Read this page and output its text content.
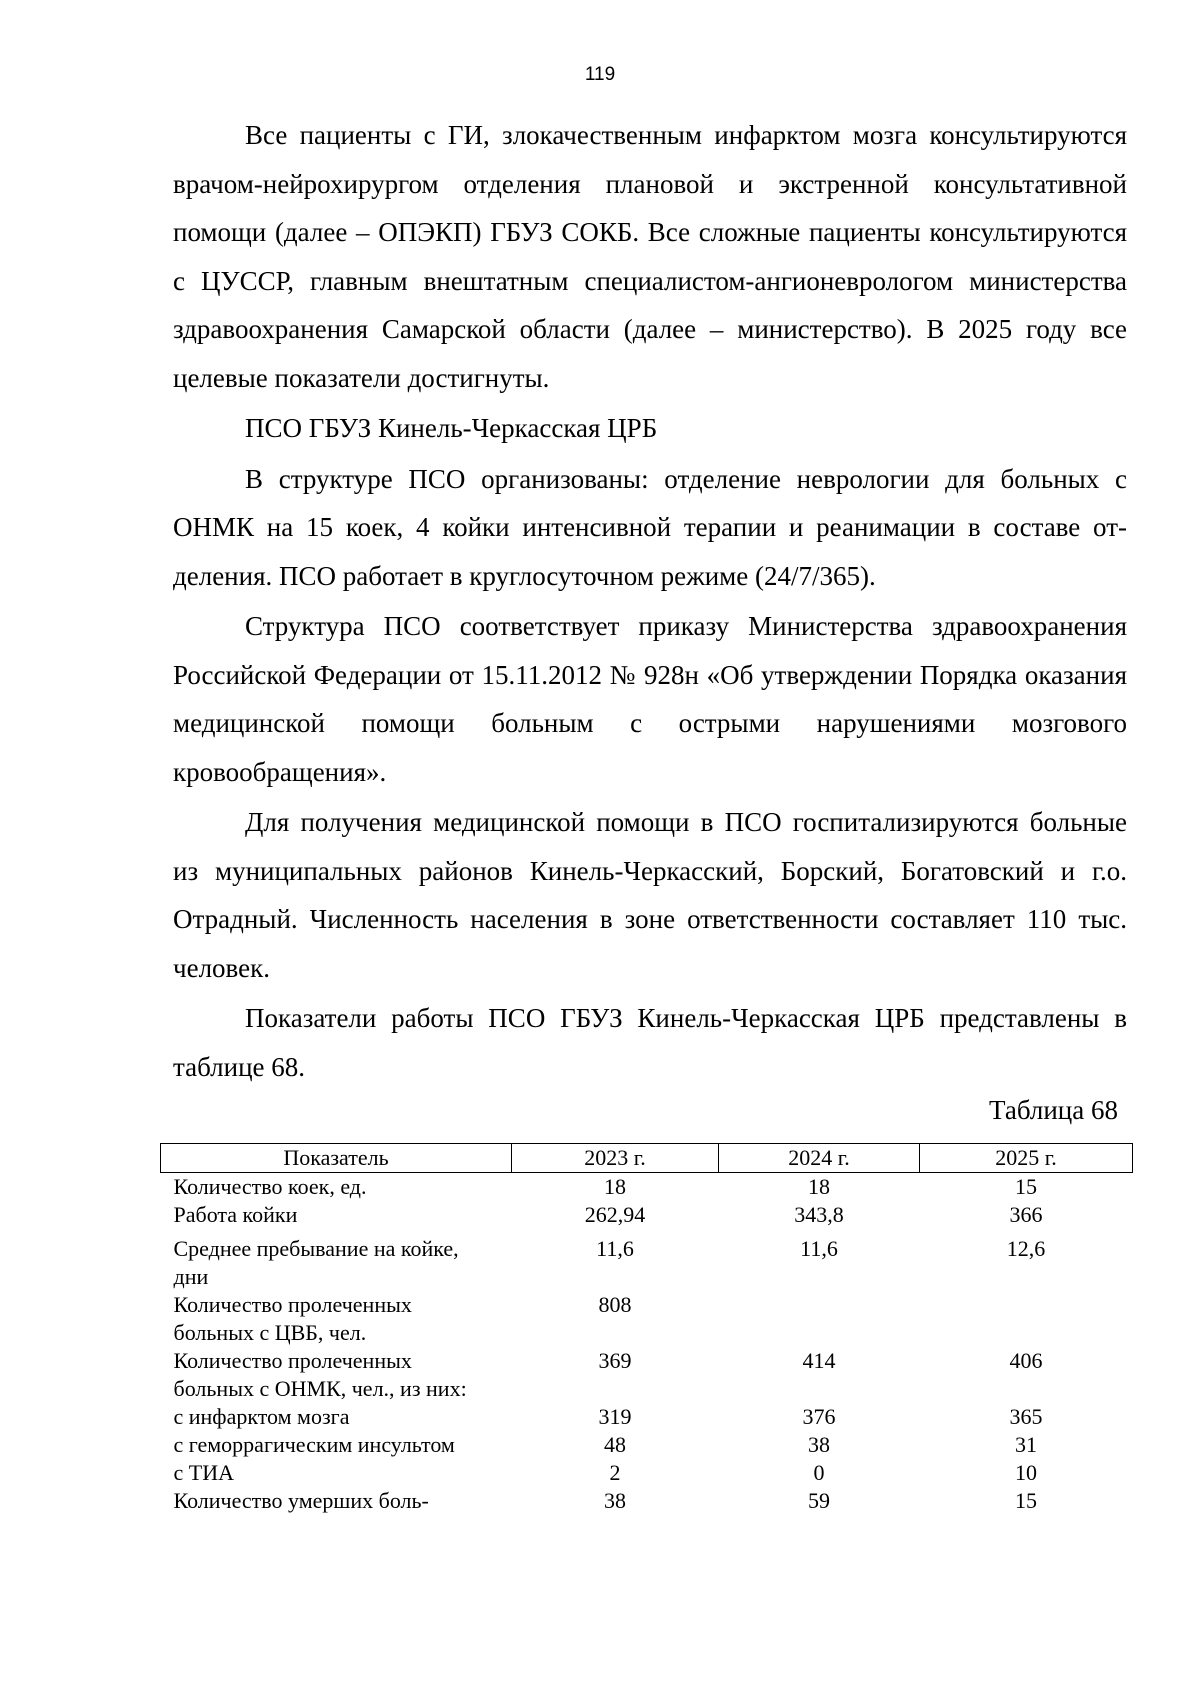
119

Все пациенты с ГИ, злокачественным инфарктом мозга консультируются врачом-нейрохирургом отделения плановой и экстренной консультативной помощи (далее – ОПЭКП) ГБУЗ СОКБ. Все сложные пациенты консультируются с ЦУССР, главным внештатным специалистом-ангионеврологом министерства здравоохранения Самарской области (далее – министерство). В 2025 году все целевые показатели достигнуты.

ПСО ГБУЗ Кинель-Черкасская ЦРБ

В структуре ПСО организованы: отделение неврологии для больных с ОНМК на 15 коек, 4 койки интенсивной терапии и реанимации в составе отделения. ПСО работает в круглосуточном режиме (24/7/365).

Структура ПСО соответствует приказу Министерства здравоохранения Российской Федерации от 15.11.2012 № 928н «Об утверждении Порядка оказания медицинской помощи больным с острыми нарушениями мозгового кровообращения».

Для получения медицинской помощи в ПСО госпитализируются больные из муниципальных районов Кинель-Черкасский, Борский, Богатовский и г.о. Отрадный. Численность населения в зоне ответственности составляет 110 тыс. человек.

Показатели работы ПСО ГБУЗ Кинель-Черкасская ЦРБ представлены в таблице 68.

Таблица 68
Показатель	2023 г.	2024 г.	2025 г.
Количество коек, ед.	18	18	15
Работа койки	262,94	343,8	366
Среднее пребывание на койке, дни	11,6	11,6	12,6
Количество пролеченных больных с ЦВБ, чел.	808		
Количество пролеченных больных с ОНМК, чел., из них:	369	414	406
с инфарктом мозга	319	376	365
с геморрагическим инсультом	48	38	31
с ТИА	2	0	10
Количество умерших боль-	38	59	15
